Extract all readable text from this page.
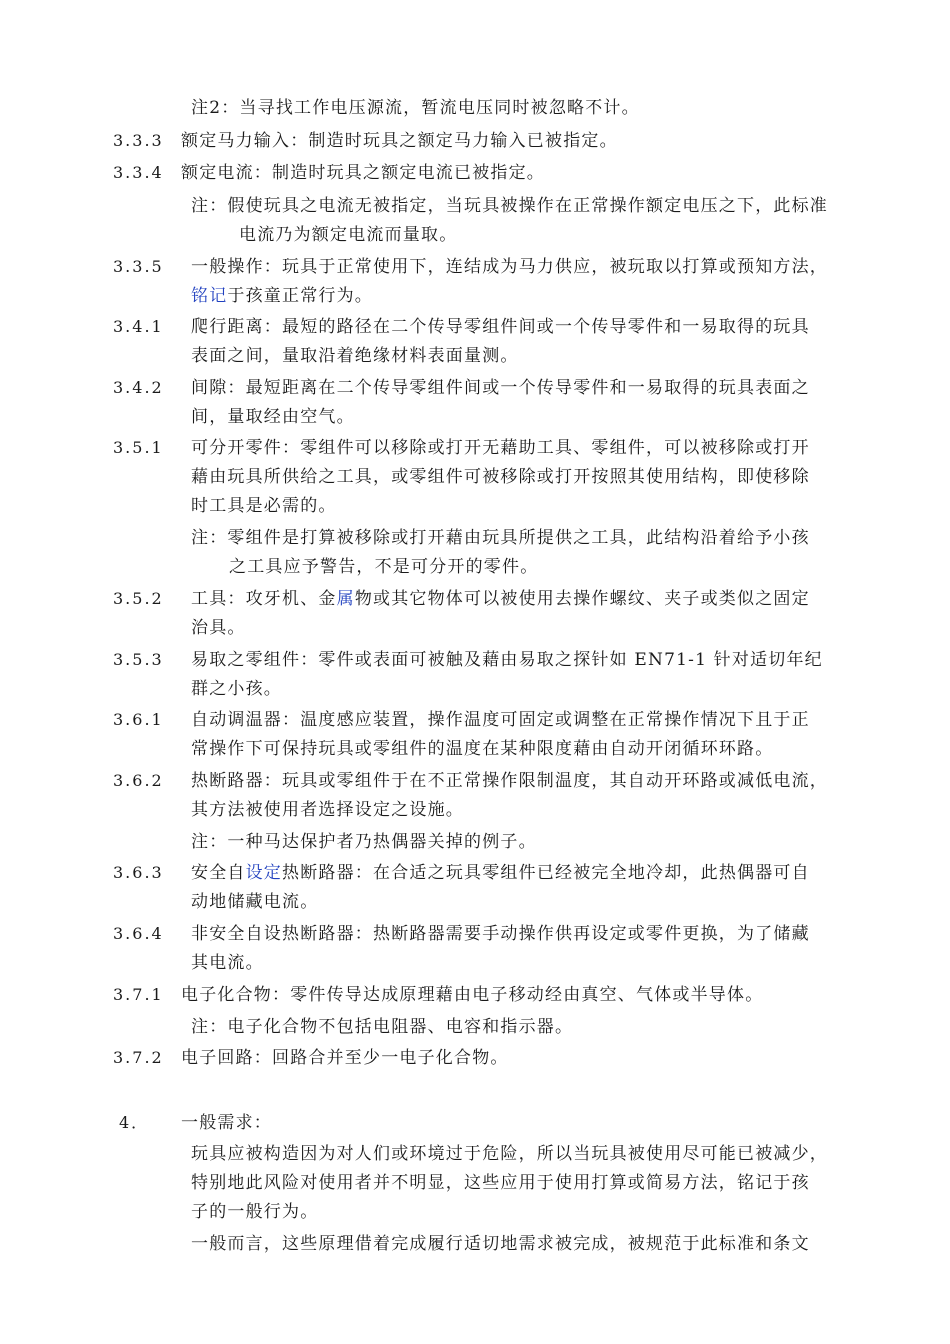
注2：当寻找工作电压源流，暂流电压同时被忽略不计。
3.3.3 额定马力输入：制造时玩具之额定马力输入已被指定。
3.3.4 额定电流：制造时玩具之额定电流已被指定。
注：假使玩具之电流无被指定，当玩具被操作在正常操作额定电压之下，此标准
电流乃为额定电流而量取。
3.3.5 一般操作：玩具于正常使用下，连结成为马力供应，被玩取以打算或预知方法，
铭记于孩童正常行为。
3.4.1 爬行距离：最短的路径在二个传导零组件间或一个传导零件和一易取得的玩具
表面之间，量取沿着绝缘材料表面量测。
3.4.2 间隙：最短距离在二个传导零组件间或一个传导零件和一易取得的玩具表面之
间，量取经由空气。
3.5.1 可分开零件：零组件可以移除或打开无藉助工具、零组件，可以被移除或打开
藉由玩具所供给之工具，或零组件可被移除或打开按照其使用结构，即使移除
时工具是必需的。
注：零组件是打算被移除或打开藉由玩具所提供之工具，此结构沿着给予小孩
之工具应予警告，不是可分开的零件。
3.5.2 工具：攻牙机、金属物或其它物体可以被使用去操作螺纹、夹子或类似之固定
治具。
3.5.3 易取之零组件：零件或表面可被触及藉由易取之探针如 EN71-1 针对适切年纪
群之小孩。
3.6.1 自动调温器：温度感应装置，操作温度可固定或调整在正常操作情况下且于正
常操作下可保持玩具或零组件的温度在某种限度藉由自动开闭循环环路。
3.6.2 热断路器：玩具或零组件于在不正常操作限制温度，其自动开环路或减低电流，
其方法被使用者选择设定之设施。
注：一种马达保护者乃热偶器关掉的例子。
3.6.3 安全自设定热断路器：在合适之玩具零组件已经被完全地冷却，此热偶器可自
动地储藏电流。
3.6.4 非安全自设热断路器：热断路器需要手动操作供再设定或零件更换，为了储藏
其电流。
3.7.1 电子化合物：零件传导达成原理藉由电子移动经由真空、气体或半导体。
注：电子化合物不包括电阻器、电容和指示器。
3.7.2 电子回路：回路合并至少一电子化合物。
4． 一般需求：
玩具应被构造因为对人们或环境过于危险，所以当玩具被使用尽可能已被减少，
特别地此风险对使用者并不明显，这些应用于使用打算或简易方法，铭记于孩
子的一般行为。
一般而言，这些原理借着完成履行适切地需求被完成，被规范于此标准和条文
